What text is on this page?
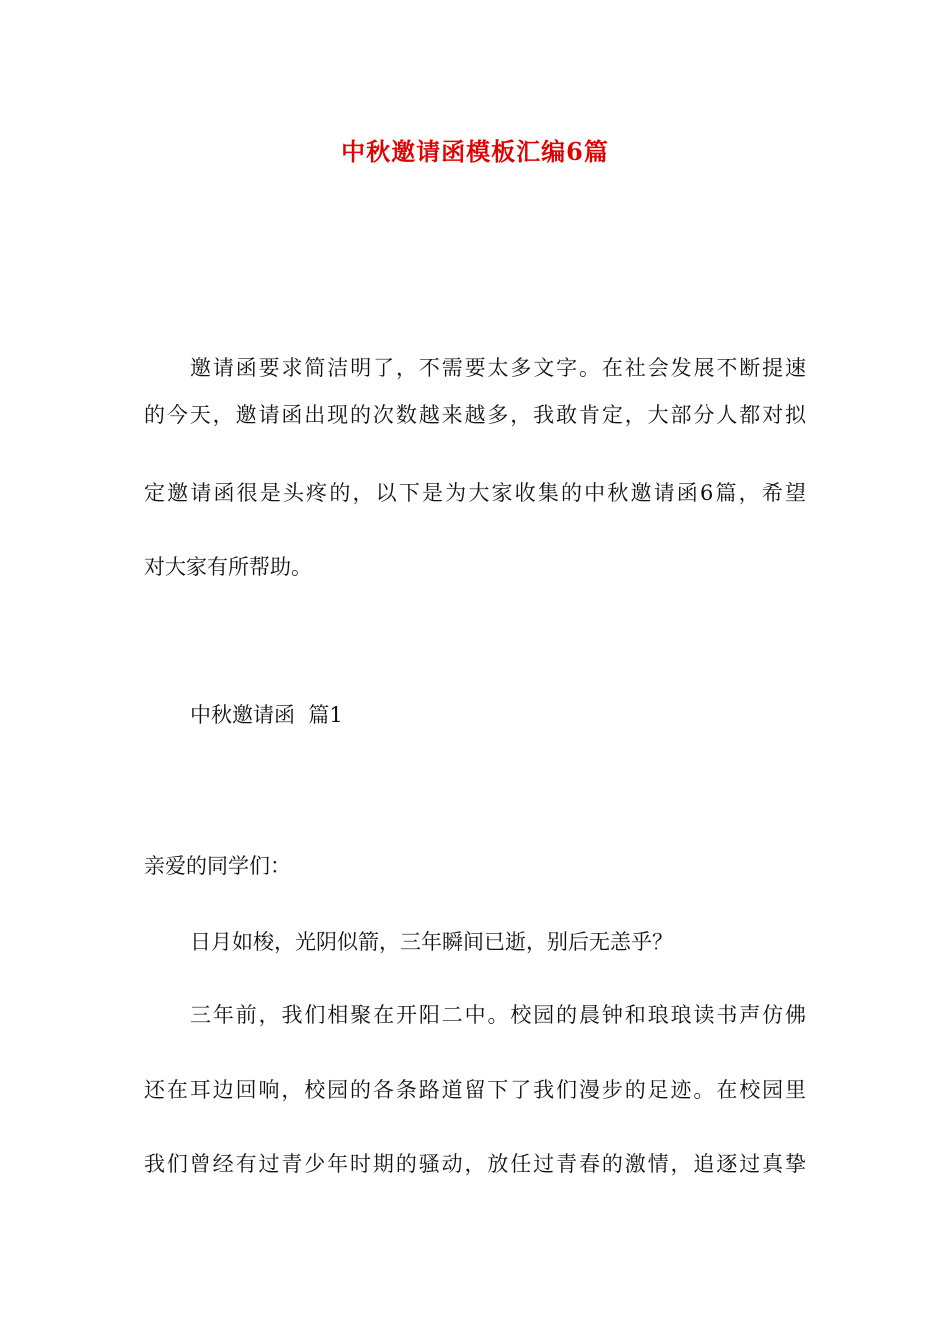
中秋邀请函模板汇编6篇
邀请函要求简洁明了，不需要太多文字。在社会发展不断提速
的今天，邀请函出现的次数越来越多，我敢肯定，大部分人都对拟
定邀请函很是头疼的，以下是为大家收集的中秋邀请函6篇，希望
对大家有所帮助。
中秋邀请函  篇1
亲爱的同学们：
日月如梭，光阴似箭，三年瞬间已逝，别后无恙乎？
三年前，我们相聚在开阳二中。校园的晨钟和琅琅读书声仿佛
还在耳边回响，校园的各条路道留下了我们漫步的足迹。在校园里
我们曾经有过青少年时期的骚动，放任过青春的激情，追逐过真挚
